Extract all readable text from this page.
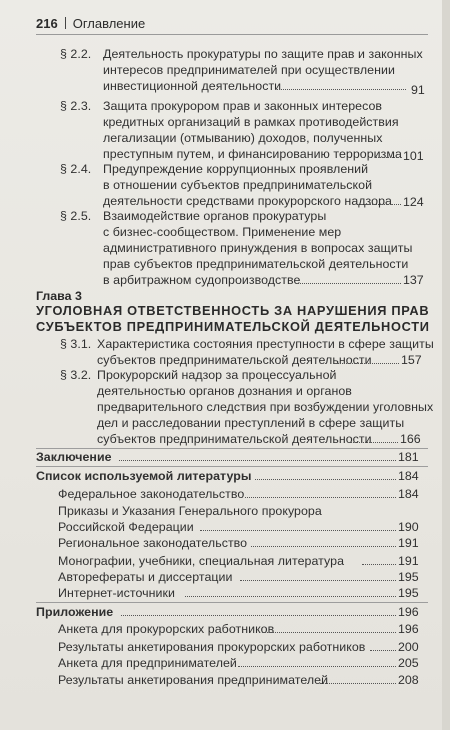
216 Оглавление
§ 2.2. Деятельность прокуратуры по защите прав и законных
интересов предпринимателей при осуществлении
инвестиционной деятельности	91
§ 2.3. Защита прокурором прав и законных интересов
кредитных организаций в рамках противодействия
легализации (отмыванию) доходов, полученных
преступным путем, и финансированию терроризма 101
§ 2.4. Предупреждение коррупционных проявлений
в отношении субъектов предпринимательской
деятельности средствами прокурорского надзора 124
§ 2.5. Взаимодействие органов прокуратуры
с бизнес-сообществом. Применение мер
административного принуждения в вопросах защиты
прав субъектов предпринимательской деятельности
в арбитражном судопроизводстве	137
Глава 3
УГОЛОВНАЯ ОТВЕТСТВЕННОСТЬ ЗА НАРУШЕНИЯ ПРАВ
СУБЪЕКТОВ ПРЕДПРИНИМАТЕЛЬСКОЙ ДЕЯТЕЛЬНОСТИ
§ 3.1. Характеристика состояния преступности в сфере защиты
субъектов предпринимательской деятельности 157
§ 3.2. Прокурорский надзор за процессуальной
деятельностью органов дознания и органов
предварительного следствия при возбуждении уголовных
дел и расследовании преступлений в сфере защиты
субъектов предпринимательской деятельности 166
Заключение	181
Список используемой литературы	184
Федеральное законодательство	184
Приказы и Указания Генерального прокурора
Российской Федерации	190
Региональное законодательство	191
Монографии, учебники, специальная литература	191
Авторефераты и диссертации	195
Интернет-источники	195
Приложение	196
Анкета для прокурорских работников	196
Результаты анкетирования прокурорских работников	200
Анкета для предпринимателей	205
Результаты анкетирования предпринимателей	208
